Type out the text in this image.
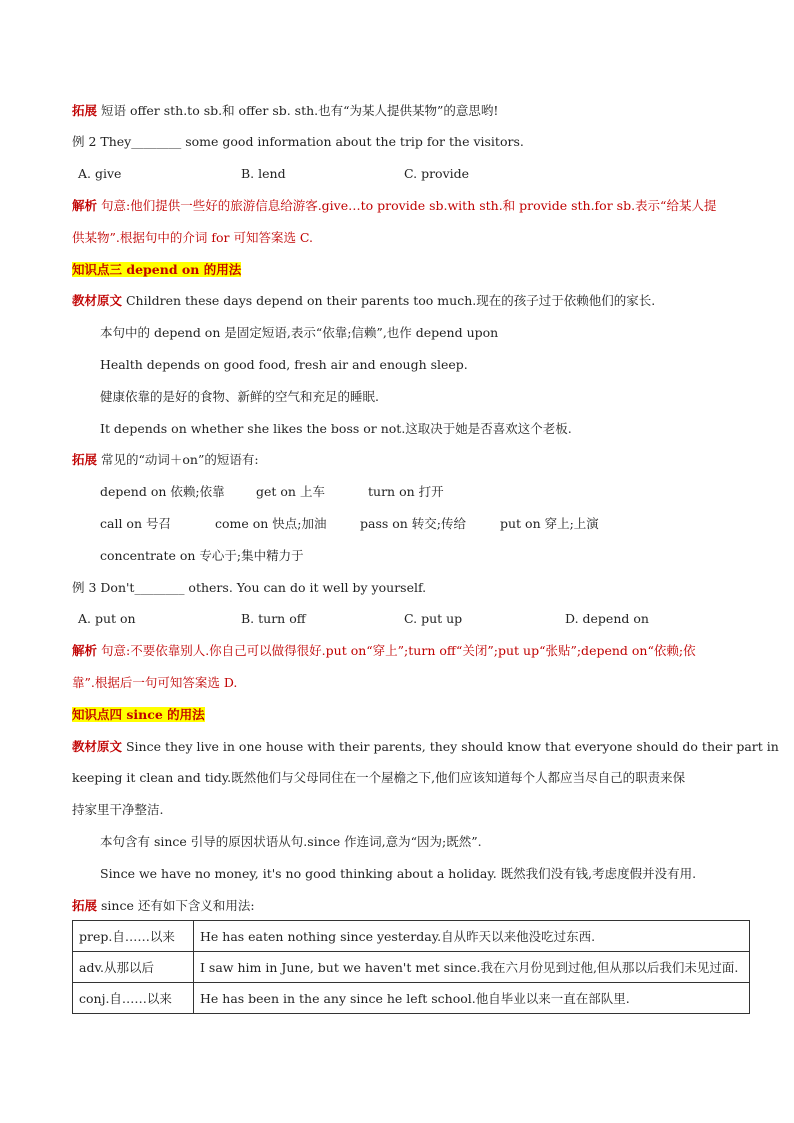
拓展 短语 offer sth.to sb.和 offer sb. sth.也有“为某人提供某物”的意思哟!
例 2 They________ some good information about the trip for the visitors.
A. give	B. lend	C. provide
解析 句意:他们提供一些好的旅游信息给游客.give…to provide sb.with sth.和 provide sth.for sb.表示“给某人提
供某物”.根据句中的介词 for 可知答案选 C.
知识点三 depend on 的用法
教材原文 Children these days depend on their parents too much.现在的孩子过于依赖他们的家长.
本句中的 depend on 是固定短语,表示“依靠;信赖”,也作 depend upon
Health depends on good food, fresh air and enough sleep.
健康依靠的是好的食物、新鲜的空气和充足的睡眠.
It depends on whether she likes the boss or not.这取决于她是否喜欢这个老板.
拓展 常见的“动词＋on”的短语有:
depend on 依赖;依靠	get on 上车	turn on 打开
call on 号召	come on 快点;加油	pass on 转交;传给	put on 穿上;上演
concentrate on 专心于;集中精力于
例 3 Don't________ others. You can do it well by yourself.
A. put on	B. turn off	C. put up	D. depend on
解析 句意:不要依靠别人.你自己可以做得很好.put on“穿上”;turn off“关闭”;put up“张贴”;depend on“依赖;依
靠”.根据后一句可知答案选 D.
知识点四 since 的用法
教材原文 Since they live in one house with their parents, they should know that everyone should do their part in
keeping it clean and tidy.既然他们与父母同住在一个屋檐之下,他们应该知道每个人都应当尽自己的职责来保
持家里干净整洁.
本句含有 since 引导的原因状语从句.since 作连词,意为“因为;既然”.
Since we have no money, it's no good thinking about a holiday. 既然我们没有钱,考虑度假并没有用.
拓展 since 还有如下含义和用法:
prep.自……以来	He has eaten nothing since yesterday.自从昨天以来他没吃过东西.
adv.从那以后	I saw him in June, but we haven't met since.我在六月份见到过他,但从那以后我们未见过面.
conj.自……以来	He has been in the any since he left school.他自毕业以来一直在部队里.
